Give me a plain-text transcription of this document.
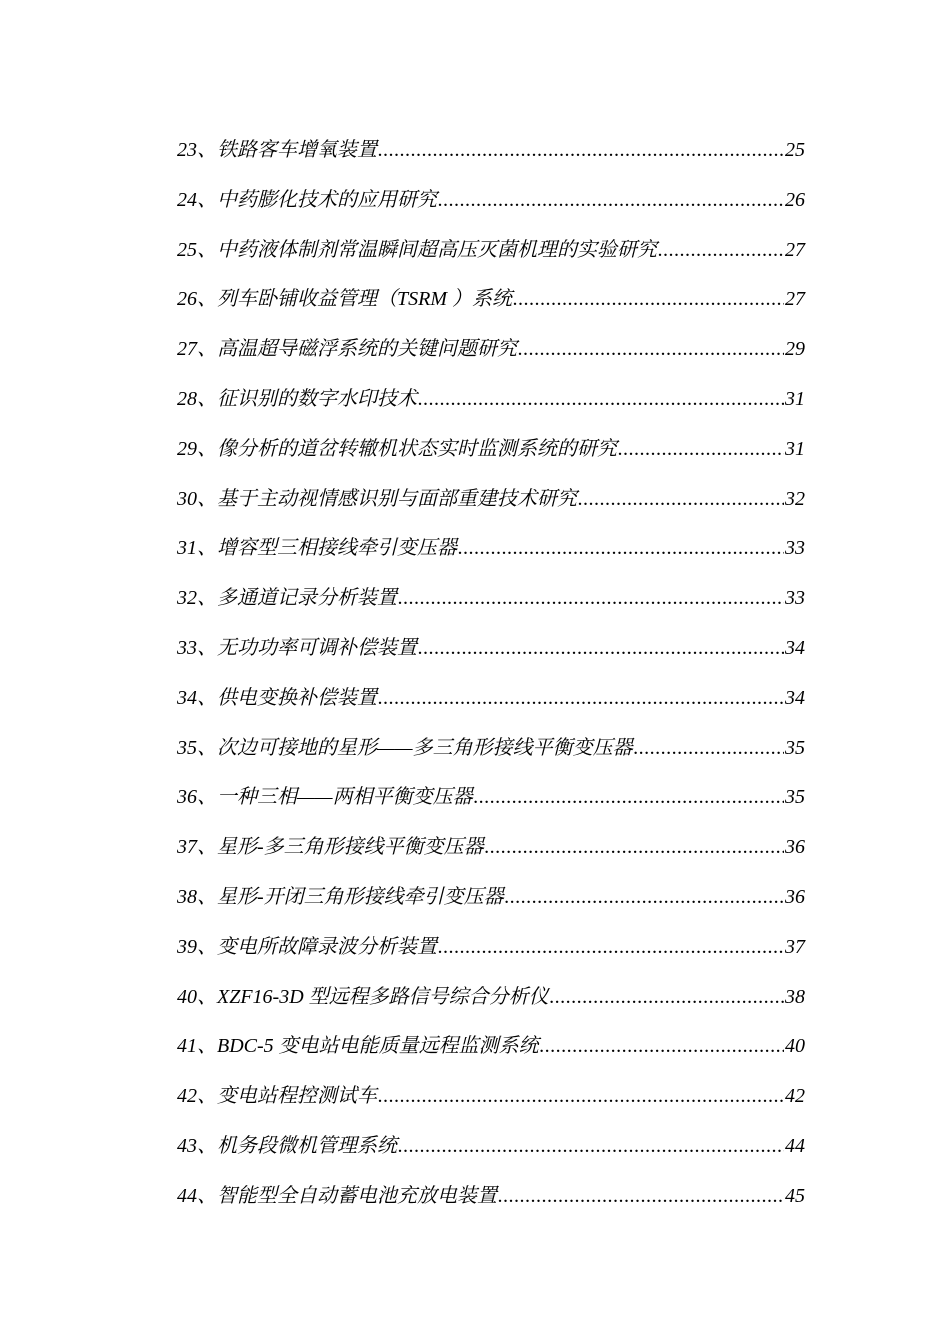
23、 铁路客车增氧装置 .....	25
24、 中药膨化技术的应用研究 .....	26
25、 中药液体制剂常温瞬间超高压灭菌机理的实验研究 .....	27
26、 列车卧铺收益管理（TSRM ）系统 .....	27
27、 高温超导磁浮系统的关键问题研究 .....	29
28、 征识别的数字水印技术 .....	31
29、 像分析的道岔转辙机状态实时监测系统的研究 .....	31
30、 基于主动视情感识别与面部重建技术研究 .....	32
31、 增容型三相接线牵引变压器 .....	33
32、 多通道记录分析装置 .....	33
33、 无功功率可调补偿装置 .....	34
34、 供电变换补偿装置 .....	34
35、 次边可接地的星形——多三角形接线平衡变压器 .....	35
36、 一种三相——两相平衡变压器 .....	35
37、 星形-多三角形接线平衡变压器 .....	36
38、 星形-开闭三角形接线牵引变压器 .....	36
39、 变电所故障录波分析装置 .....	37
40、 XZF16-3D 型远程多路信号综合分析仪 .....	38
41、 BDC-5 变电站电能质量远程监测系统 .....	40
42、 变电站程控测试车 .....	42
43、 机务段微机管理系统 .....	44
44、 智能型全自动蓄电池充放电装置 .....	45
